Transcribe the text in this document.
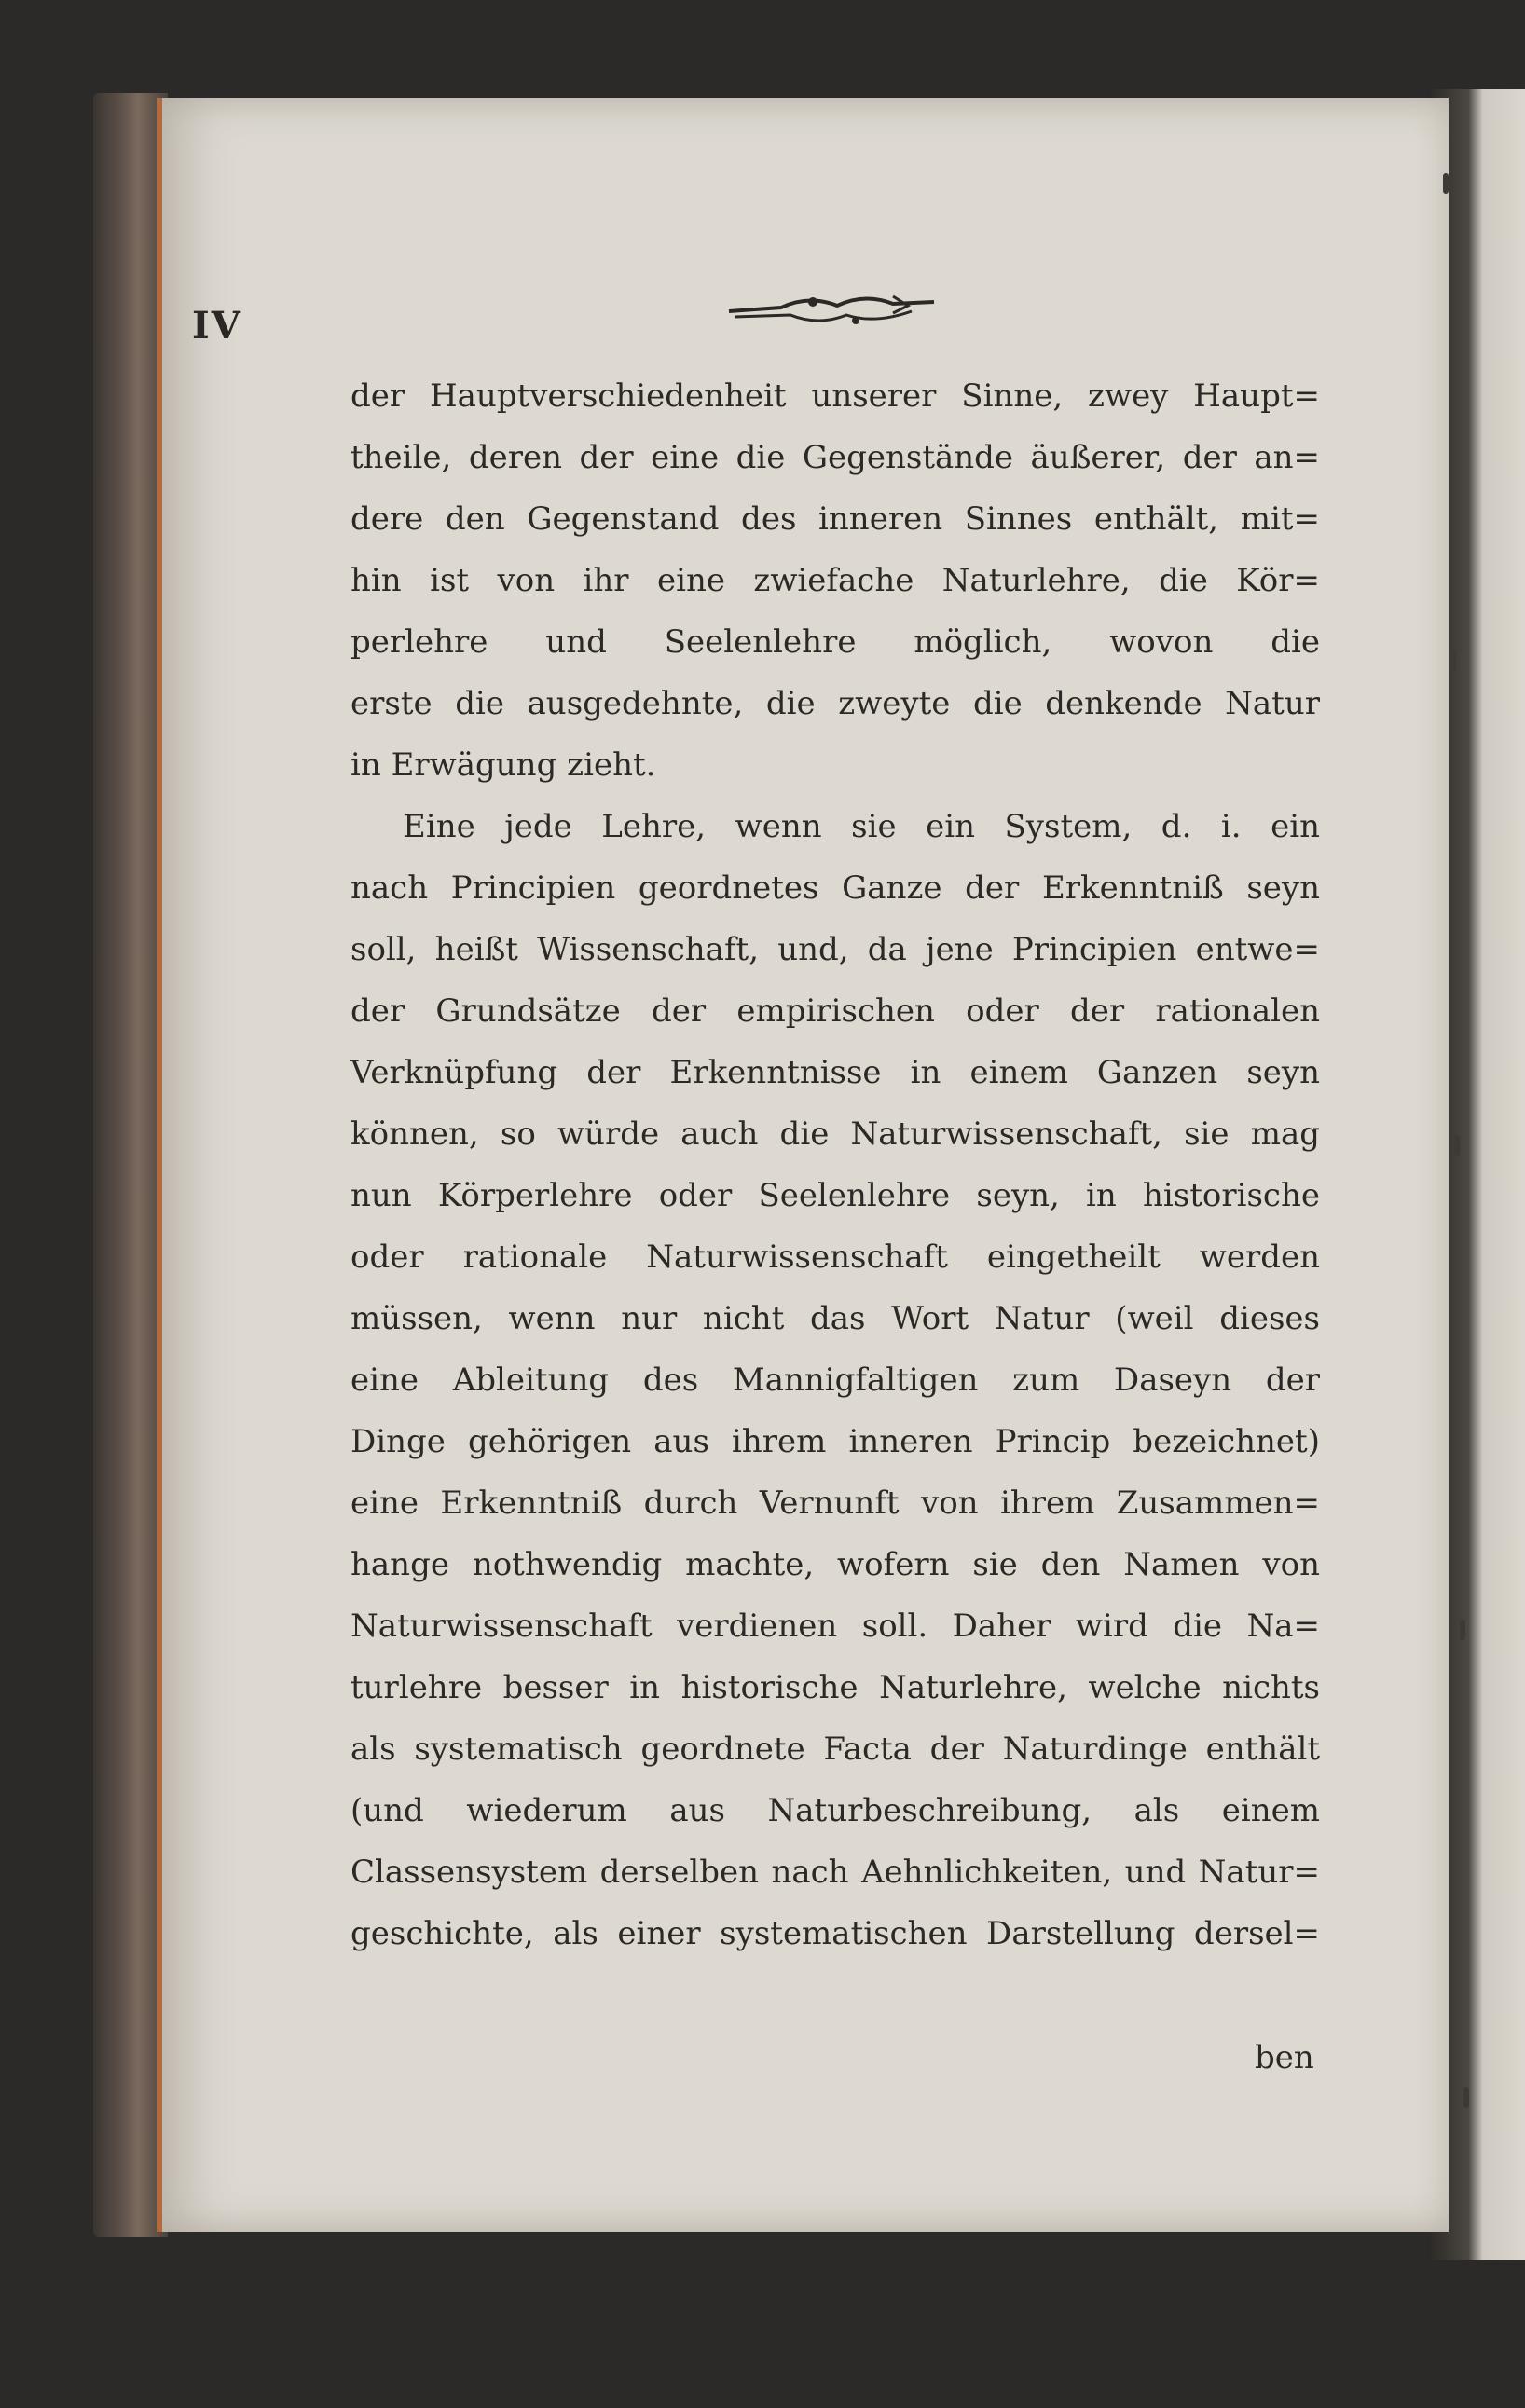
IV
der Hauptverschiedenheit unserer Sinne, zwey Haupt=
theile, deren der eine die Gegenstände äußerer, der an=
dere den Gegenstand des inneren Sinnes enthält, mit=
hin ist von ihr eine zwiefache Naturlehre, die Kör=
perlehre und Seelenlehre möglich, wovon die
erste die ausgedehnte, die zweyte die denkende Natur
in Erwägung zieht.
Eine jede Lehre, wenn sie ein System, d. i. ein
nach Principien geordnetes Ganze der Erkenntniß seyn
soll, heißt Wissenschaft, und, da jene Principien entwe=
der Grundsätze der empirischen oder der rationalen
Verknüpfung der Erkenntnisse in einem Ganzen seyn
können, so würde auch die Naturwissenschaft, sie mag
nun Körperlehre oder Seelenlehre seyn, in historische
oder rationale Naturwissenschaft eingetheilt werden
müssen, wenn nur nicht das Wort Natur (weil dieses
eine Ableitung des Mannigfaltigen zum Daseyn der
Dinge gehörigen aus ihrem inneren Princip bezeichnet)
eine Erkenntniß durch Vernunft von ihrem Zusammen=
hange nothwendig machte, wofern sie den Namen von
Naturwissenschaft verdienen soll. Daher wird die Na=
turlehre besser in historische Naturlehre, welche nichts
als systematisch geordnete Facta der Naturdinge enthält
(und wiederum aus Naturbeschreibung, als einem
Classensystem derselben nach Aehnlichkeiten, und Natur=
geschichte, als einer systematischen Darstellung dersel=
ben
